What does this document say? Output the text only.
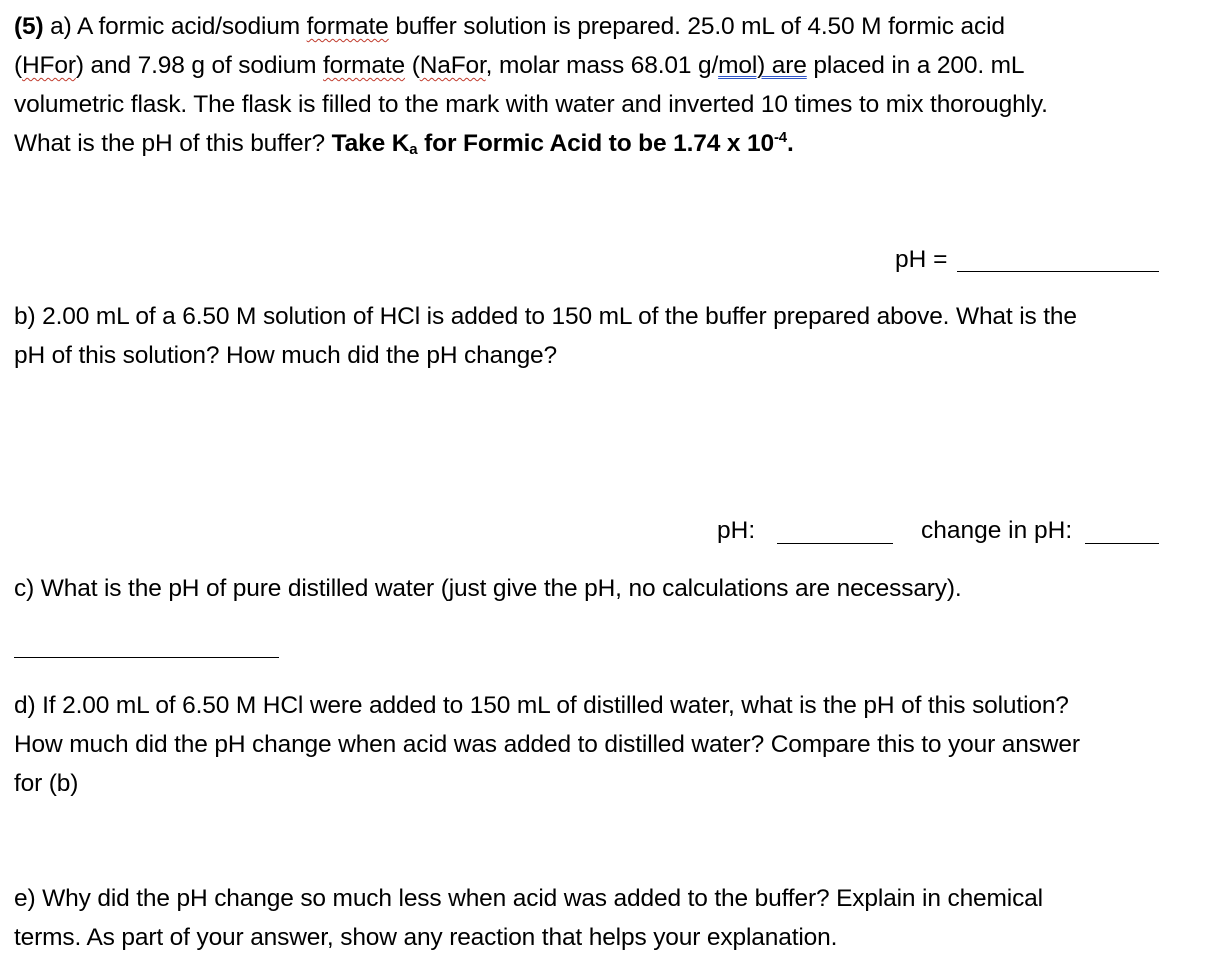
(5) a) A formic acid/sodium formate buffer solution is prepared. 25.0 mL of 4.50 M formic acid
(HFor) and 7.98 g of sodium formate (NaFor, molar mass 68.01 g/mol) are placed in a 200. mL
volumetric flask. The flask is filled to the mark with water and inverted 10 times to mix thoroughly.
What is the pH of this buffer? Take $K_a$ for Formic Acid to be 1.74 x $10^{-4}$.
pH =
b) 2.00 mL of a 6.50 M solution of HCl is added to 150 mL of the buffer prepared above. What is the
pH of this solution? How much did the pH change?
pH:	change in pH:
c) What is the pH of pure distilled water (just give the pH, no calculations are necessary).
d) If 2.00 mL of 6.50 M HCl were added to 150 mL of distilled water, what is the pH of this solution?
How much did the pH change when acid was added to distilled water? Compare this to your answer
for (b)
e) Why did the pH change so much less when acid was added to the buffer? Explain in chemical
terms. As part of your answer, show any reaction that helps your explanation.
